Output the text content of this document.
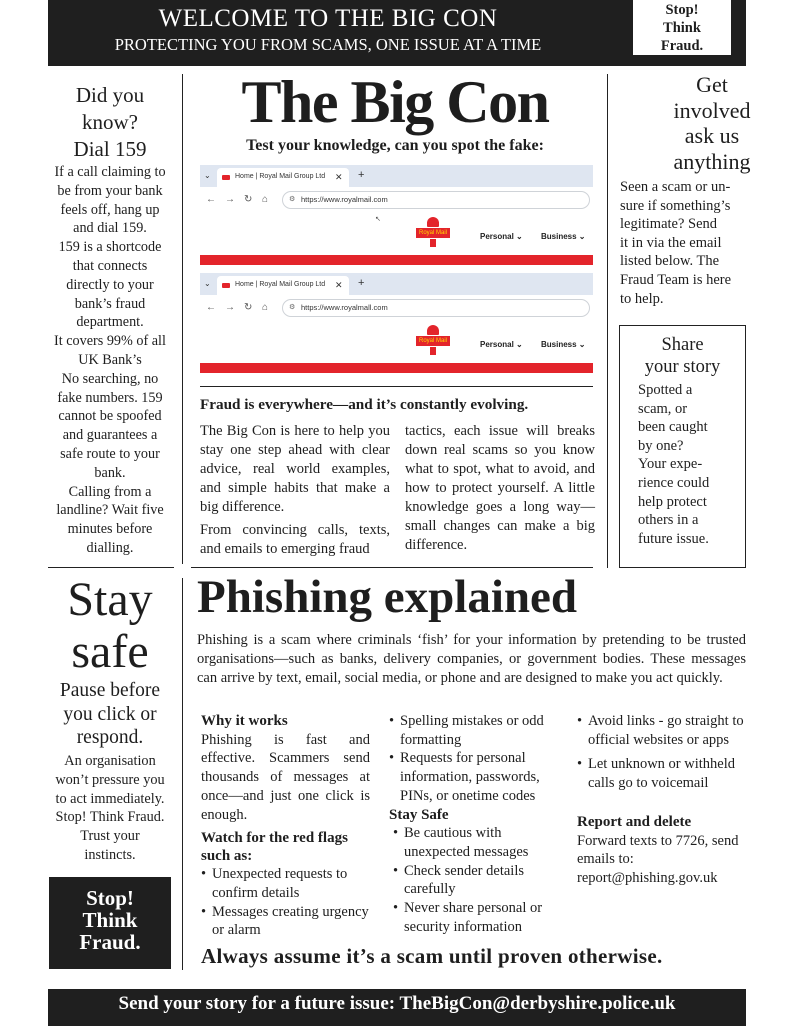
WELCOME TO THE BIG CON
PROTECTING YOU FROM SCAMS, ONE ISSUE AT A TIME
Stop!
Think
Fraud.
Did you
know?
Dial 159
If a call claiming to
be from your bank
feels off, hang up
and dial 159.
159 is a shortcode
that connects
directly to your
bank’s fraud
department.
It covers 99% of all
UK Bank’s
No searching, no
fake numbers. 159
cannot be spoofed
and guarantees a
safe route to your
bank.
Calling from a
landline? Wait five
minutes before
dialling.
The Big Con
Test your knowledge, can you spot the fake:
⌄	Home | Royal Mail Group Ltd ✕ +
← → ↻ ⌂	⚙ https://www.royalmail.com
↖
Royal Mail	Personal ⌄ Business ⌄
⌄	Home | Royal Mail Group Ltd ✕ +
← → ↻ ⌂	⚙ https://www.royalmall.com
Royal Mail	Personal ⌄ Business ⌄
Fraud is everywhere—and it’s constantly evolving.

The Big Con is here to help you stay one step ahead with clear advice, real world examples, and simple habits that make a big difference.

From convincing calls, texts, and emails to emerging fraud

tactics, each issue will breaks down real scams so you know what to spot, what to avoid, and how to protect yourself. A little knowledge goes a long way—small changes can make a big difference.

Get
involved
ask us
anything
Seen a scam or un-
sure if something’s
legitimate? Send
it in via the email
listed below. The
Fraud Team is here
to help.
Share
your story
Spotted a
scam, or
been caught
by one?
Your expe-
rience could
help protect
others in a
future issue.
Stay
safe
Pause before
you click or
respond.
An organisation
won’t pressure you
to act immediately.
Stop! Think Fraud.
Trust your
instincts.
Stop!
Think
Fraud.
Phishing explained
Phishing is a scam where criminals ‘fish’ for your information by pretending to be trusted organisations—such as banks, delivery companies, or government bodies. These messages can arrive by text, email, social media, or phone and are designed to make you act quickly.
Why it works
Phishing is fast and effective. Scammers send thousands of messages at once—and just one click is enough.
Watch for the red flags such as:
• Unexpected requests to confirm details
• Messages creating urgency or alarm
• Spelling mistakes or odd formatting
• Requests for personal information, passwords, PINs, or onetime codes
Stay Safe
• Be cautious with unexpected messages
• Check sender details carefully
• Never share personal or security information
• Avoid links - go straight to official websites or apps
• Let unknown or withheld calls go to voicemail
Report and delete
Forward texts to 7726, send emails to: report@phishing.gov.uk
Always assume it’s a scam until proven otherwise.
Send your story for a future issue: TheBigCon@derbyshire.police.uk
